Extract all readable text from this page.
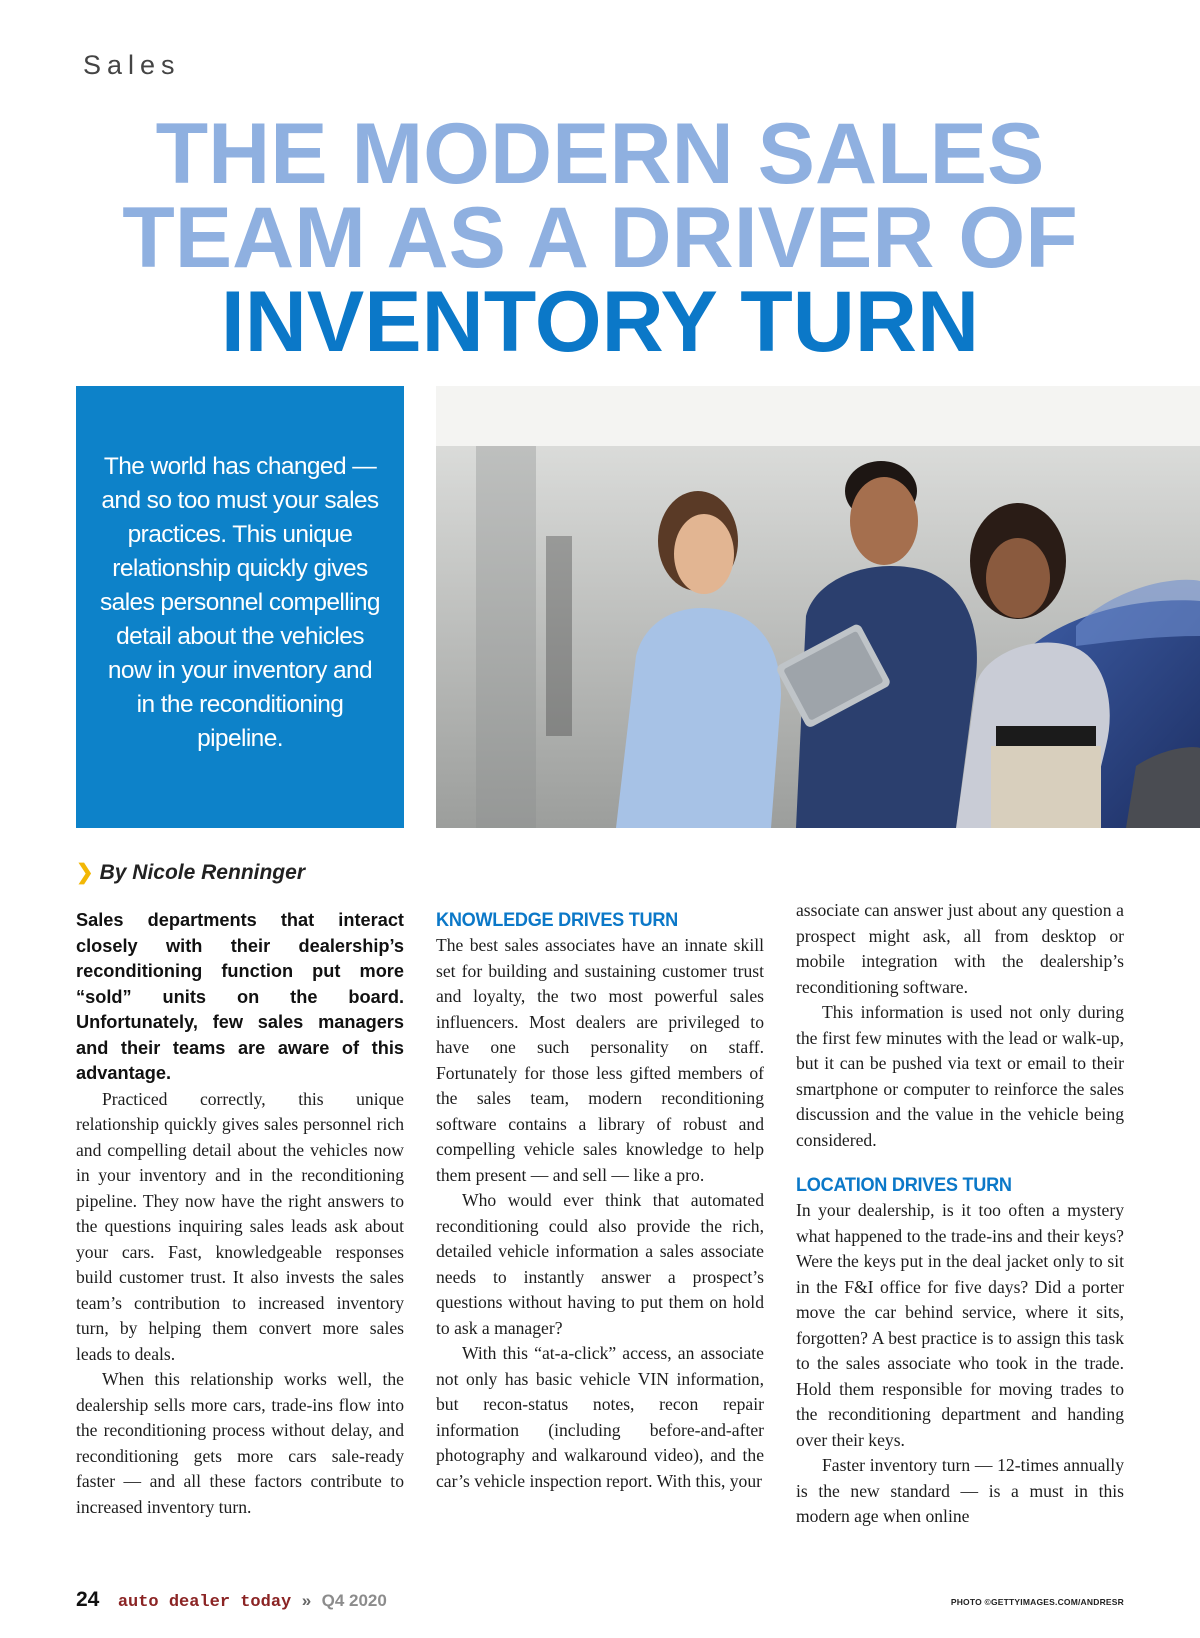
Sales
THE MODERN SALES
TEAM AS A DRIVER OF
INVENTORY TURN

The world has changed — and so too must your sales practices. This unique relationship quickly gives sales personnel compelling detail about the vehicles now in your inventory and in the reconditioning pipeline.

❯ By Nicole Renninger

Sales departments that interact closely with their dealership’s reconditioning function put more “sold” units on the board. Unfortunately, few sales managers and their teams are aware of this advantage.

Practiced correctly, this unique relationship quickly gives sales personnel rich and compelling detail about the vehicles now in your inventory and in the reconditioning pipeline. They now have the right answers to the questions inquiring sales leads ask about your cars. Fast, knowledgeable responses build customer trust. It also invests the sales team’s contribution to increased inventory turn, by helping them convert more sales leads to deals.

When this relationship works well, the dealership sells more cars, trade-ins flow into the reconditioning process without delay, and reconditioning gets more cars sale-ready faster — and all these factors contribute to increased inventory turn.

KNOWLEDGE DRIVES TURN

The best sales associates have an innate skill set for building and sustaining customer trust and loyalty, the two most powerful sales influencers. Most dealers are privileged to have one such personality on staff. Fortunately for those less gifted members of the sales team, modern reconditioning software contains a library of robust and compelling vehicle sales knowledge to help them present — and sell — like a pro.

Who would ever think that automated reconditioning could also provide the rich, detailed vehicle information a sales associate needs to instantly answer a prospect’s questions without having to put them on hold to ask a manager?

With this “at-a-click” access, an associate not only has basic vehicle VIN information, but recon-status notes, recon repair information (including before-and-after photography and walkaround video), and the car’s vehicle inspection report. With this, your

associate can answer just about any question a prospect might ask, all from desktop or mobile integration with the dealership’s reconditioning software.

This information is used not only during the first few minutes with the lead or walk-up, but it can be pushed via text or email to their smartphone or computer to reinforce the sales discussion and the value in the vehicle being considered.

LOCATION DRIVES TURN

In your dealership, is it too often a mystery what happened to the trade-ins and their keys? Were the keys put in the deal jacket only to sit in the F&I office for five days? Did a porter move the car behind service, where it sits, forgotten? A best practice is to assign this task to the sales associate who took in the trade. Hold them responsible for moving trades to the reconditioning department and handing over their keys.

Faster inventory turn — 12-times annually is the new standard — is a must in this modern age when online

24 auto dealer today » Q4 2020	PHOTO ©GETTYIMAGES.COM/ANDRESR
